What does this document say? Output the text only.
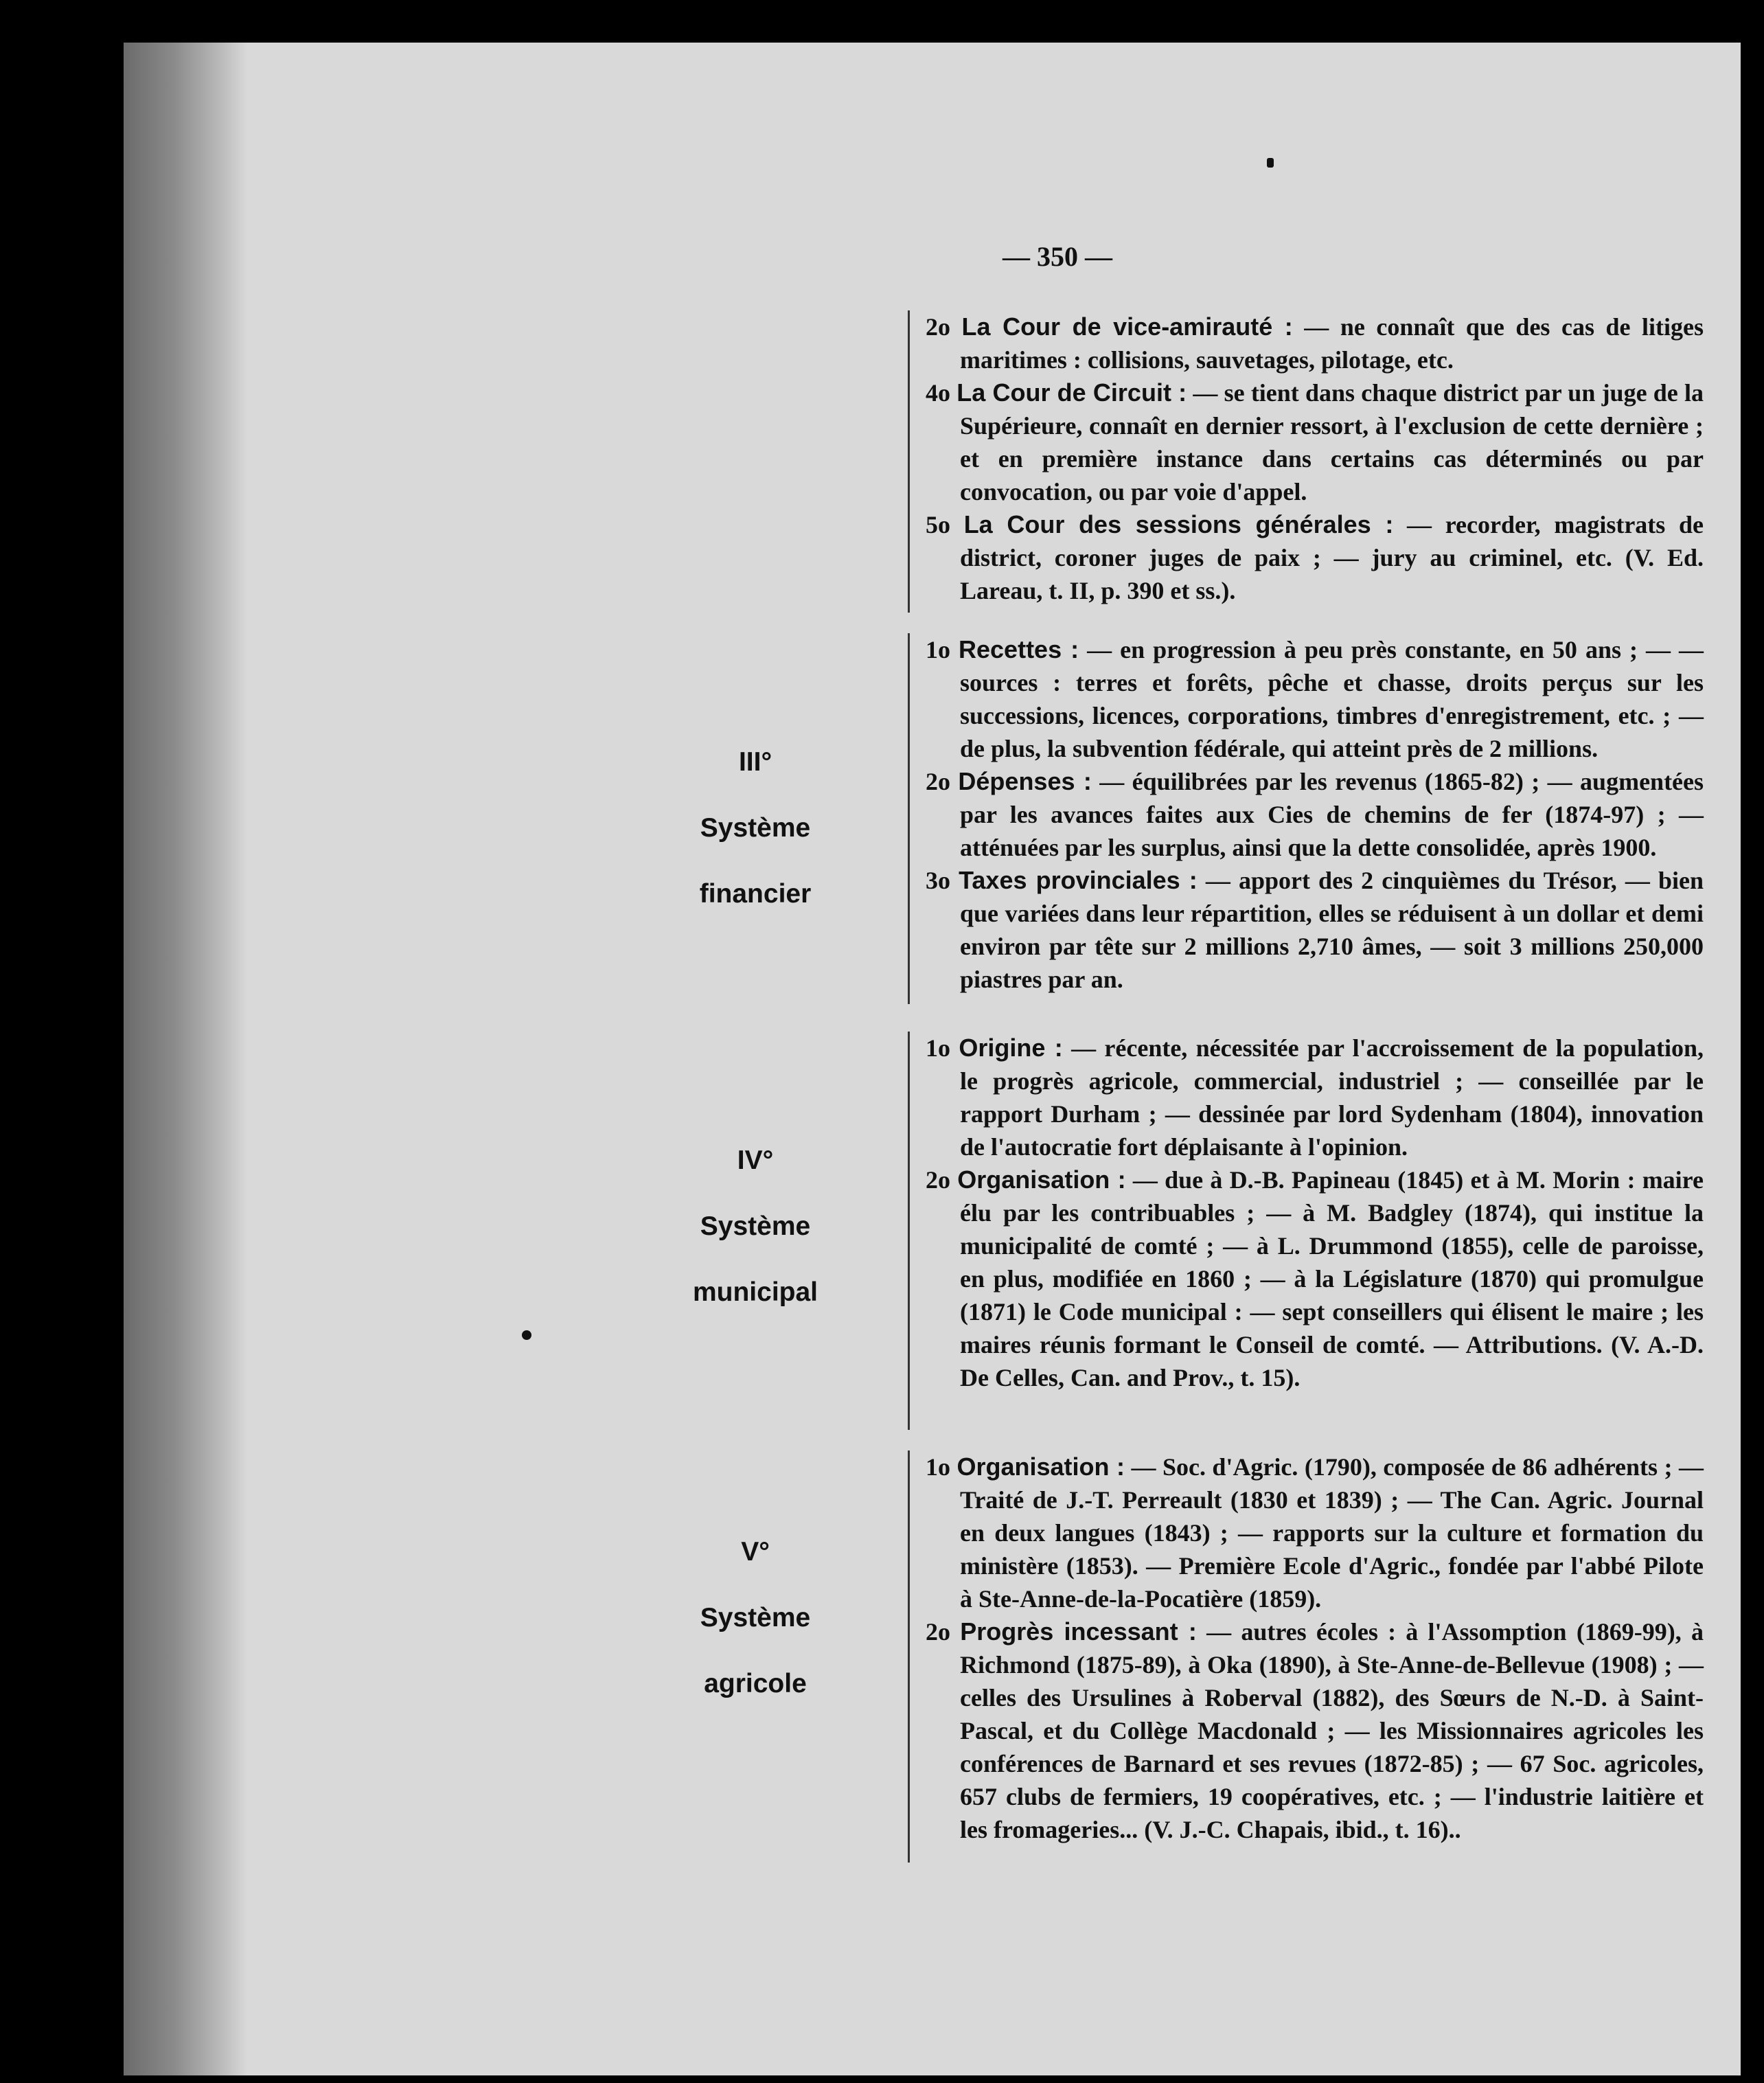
— 350 —
2o La Cour de vice-amirauté : — ne connaît que des cas de litiges maritimes : collisions, sauvetages, pilotage, etc.
4o La Cour de Circuit : — se tient dans chaque district par un juge de la Supérieure, connaît en dernier ressort, à l'exclusion de cette dernière ; et en première instance dans certains cas déterminés ou par convocation, ou par voie d'appel.
5o La Cour des sessions générales : — recorder, magistrats de district, coroner juges de paix ; — jury au criminel, etc. (V. Ed. Lareau, t. II, p. 390 et ss.).
III°
Système
financier
1o Recettes : — en progression à peu près constante, en 50 ans ; — — sources : terres et forêts, pêche et chasse, droits perçus sur les successions, licences, corporations, timbres d'enregistrement, etc. ; — de plus, la subvention fédérale, qui atteint près de 2 millions.
2o Dépenses : — équilibrées par les revenus (1865-82) ; — augmentées par les avances faites aux Cies de chemins de fer (1874-97) ; — atténuées par les surplus, ainsi que la dette consolidée, après 1900.
3o Taxes provinciales : — apport des 2 cinquièmes du Trésor, — bien que variées dans leur répartition, elles se réduisent à un dollar et demi environ par tête sur 2 millions 2,710 âmes, — soit 3 millions 250,000 piastres par an.
IV°
Système
municipal
1o Origine : — récente, nécessitée par l'accroissement de la population, le progrès agricole, commercial, industriel ; — conseillée par le rapport Durham ; — dessinée par lord Sydenham (1804), innovation de l'autocratie fort déplaisante à l'opinion.
2o Organisation : — due à D.-B. Papineau (1845) et à M. Morin : maire élu par les contribuables ; — à M. Badgley (1874), qui institue la municipalité de comté ; — à L. Drummond (1855), celle de paroisse, en plus, modifiée en 1860 ; — à la Législature (1870) qui promulgue (1871) le Code municipal : — sept conseillers qui élisent le maire ; les maires réunis formant le Conseil de comté. — Attributions. (V. A.-D. De Celles, Can. and Prov., t. 15).
V°
Système
agricole
1o Organisation : — Soc. d'Agric. (1790), composée de 86 adhérents ; — Traité de J.-T. Perreault (1830 et 1839) ; — The Can. Agric. Journal en deux langues (1843) ; — rapports sur la culture et formation du ministère (1853). — Première Ecole d'Agric., fondée par l'abbé Pilote à Ste-Anne-de-la-Pocatière (1859).
2o Progrès incessant : — autres écoles : à l'Assomption (1869-99), à Richmond (1875-89), à Oka (1890), à Ste-Anne-de-Bellevue (1908) ; — celles des Ursulines à Roberval (1882), des Sœurs de N.-D. à Saint-Pascal, et du Collège Macdonald ; — les Missionnaires agricoles les conférences de Barnard et ses revues (1872-85) ; — 67 Soc. agricoles, 657 clubs de fermiers, 19 coopératives, etc. ; — l'industrie laitière et les fromageries... (V. J.-C. Chapais, ibid., t. 16)..
